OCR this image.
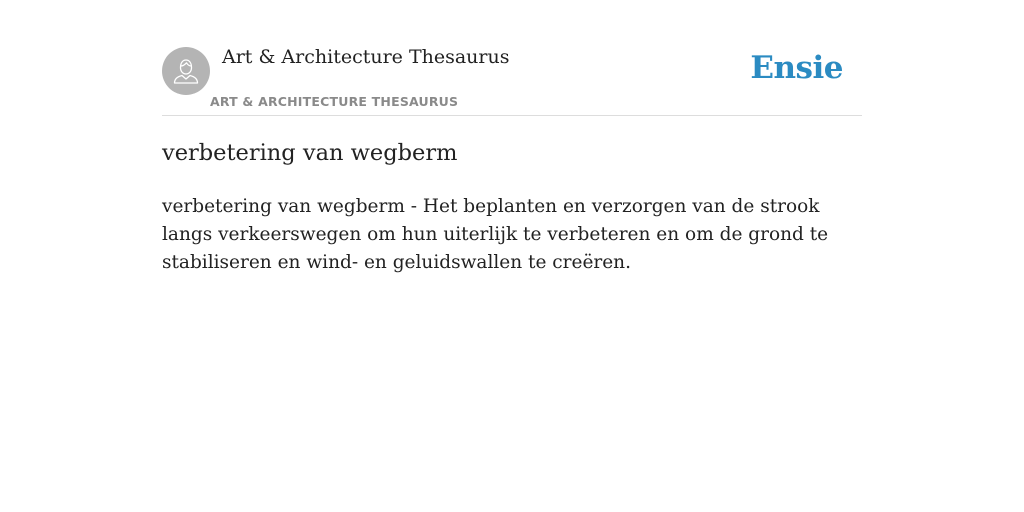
Art & Architecture Thesaurus
ART & ARCHITECTURE THESAURUS
Ensie
verbetering van wegberm

verbetering van wegberm - Het beplanten en verzorgen van de strook langs verkeerswegen om hun uiterlijk te verbeteren en om de grond te stabiliseren en wind- en geluidswallen te creëren.
